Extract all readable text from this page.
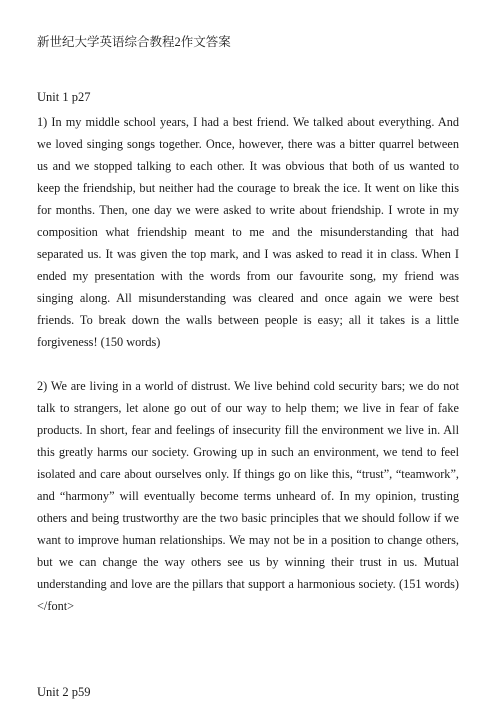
新世纪大学英语综合教程2作文答案
Unit 1 p27

1) In my middle school years, I had a best friend. We talked about everything. And we loved singing songs together. Once, however, there was a bitter quarrel between us and we stopped talking to each other. It was obvious that both of us wanted to keep the friendship, but neither had the courage to break the ice. It went on like this for months. Then, one day we were asked to write about friendship. I wrote in my composition what friendship meant to me and the misunderstanding that had separated us. It was given the top mark, and I was asked to read it in class. When I ended my presentation with the words from our favourite song, my friend was singing along. All misunderstanding was cleared and once again we were best friends. To break down the walls between people is easy; all it takes is a little forgiveness! (150 words)

2) We are living in a world of distrust. We live behind cold security bars; we do not talk to strangers, let alone go out of our way to help them; we live in fear of fake products. In short, fear and feelings of insecurity fill the environment we live in. All this greatly harms our society. Growing up in such an environment, we tend to feel isolated and care about ourselves only. If things go on like this, “trust”, “teamwork”, and “harmony” will eventually become terms unheard of. In my opinion, trusting others and being trustworthy are the two basic principles that we should follow if we want to improve human relationships. We may not be in a position to change others, but we can change the way others see us by winning their trust in us. Mutual understanding and love are the pillars that support a harmonious society. (151 words) </font>

Unit 2 p59
